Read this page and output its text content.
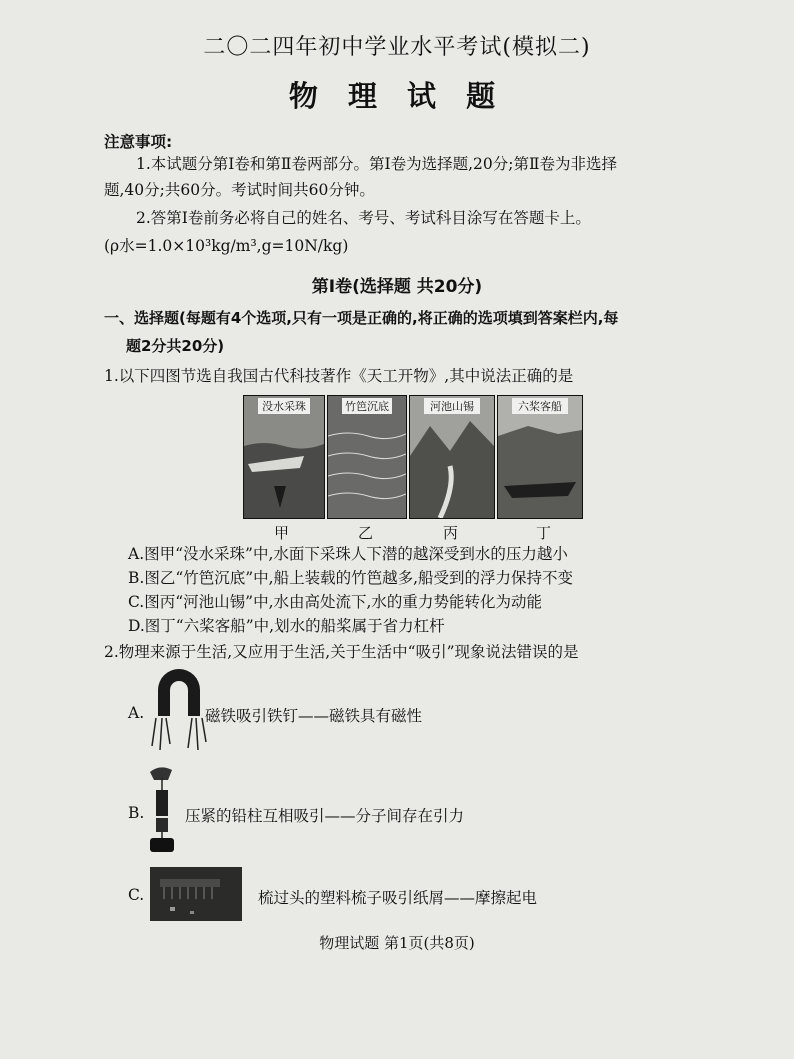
二〇二四年初中学业水平考试(模拟二)
物 理 试 题
注意事项:
1.本试题分第Ⅰ卷和第Ⅱ卷两部分。第Ⅰ卷为选择题,20分;第Ⅱ卷为非选择
题,40分;共60分。考试时间共60分钟。
2.答第Ⅰ卷前务必将自己的姓名、考号、考试科目涂写在答题卡上。
(ρ水=1.0×10³kg/m³,g=10N/kg)
第Ⅰ卷(选择题 共20分)
一、选择题(每题有4个选项,只有一项是正确的,将正确的选项填到答案栏内,每
题2分共20分)
1.以下四图节选自我国古代科技著作《天工开物》,其中说法正确的是
没水采珠	竹笆沉底	河池山锡	六桨客船
甲	乙	丙	丁
A.图甲“没水采珠”中,水面下采珠人下潜的越深受到水的压力越小
B.图乙“竹笆沉底”中,船上装载的竹笆越多,船受到的浮力保持不变
C.图丙“河池山锡”中,水由高处流下,水的重力势能转化为动能
D.图丁“六桨客船”中,划水的船桨属于省力杠杆
2.物理来源于生活,又应用于生活,关于生活中“吸引”现象说法错误的是
A.	磁铁吸引铁钉——磁铁具有磁性
B.	压紧的铅柱互相吸引——分子间存在引力
C.	梳过头的塑料梳子吸引纸屑——摩擦起电
物理试题 第1页(共8页)
